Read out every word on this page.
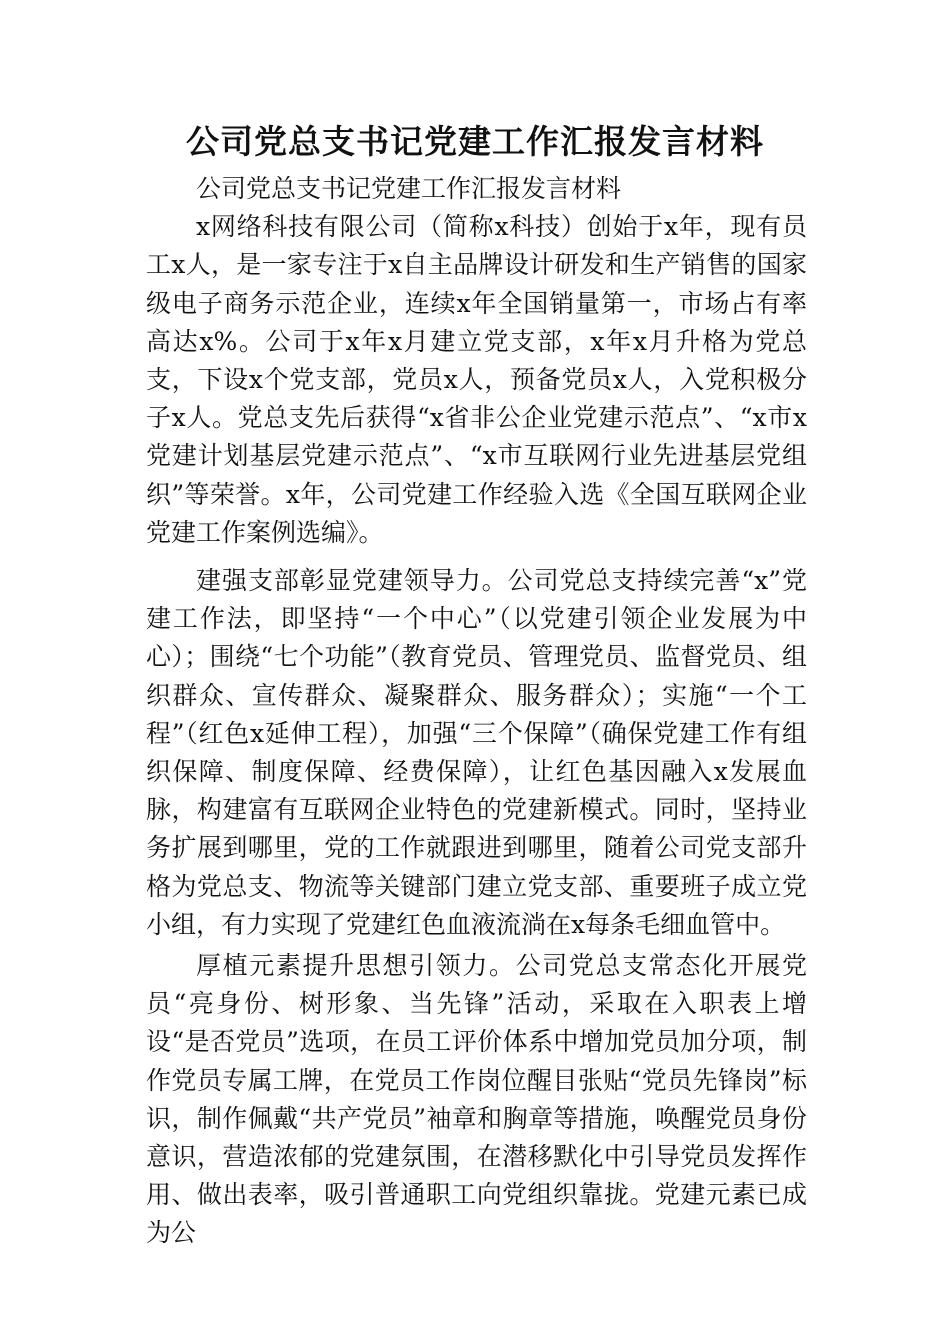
公司党总支书记党建工作汇报发言材料

公司党总支书记党建工作汇报发言材料

x网络科技有限公司（简称x科技）创始于x年，现有员工x人，是一家专注于x自主品牌设计研发和生产销售的国家级电子商务示范企业，连续x年全国销量第一，市场占有率高达x%。公司于x年x月建立党支部，x年x月升格为党总支，下设x个党支部，党员x人，预备党员x人，入党积极分子x人。党总支先后获得“x省非公企业党建示范点”、“x市x党建计划基层党建示范点”、“x市互联网行业先进基层党组织”等荣誉。x年，公司党建工作经验入选《全国互联网企业党建工作案例选编》。

建强支部彰显党建领导力。公司党总支持续完善“x”党建工作法，即坚持“一个中心”（以党建引领企业发展为中心）；围绕“七个功能”（教育党员、管理党员、监督党员、组织群众、宣传群众、凝聚群众、服务群众）；实施“一个工程”（红色x延伸工程），加强“三个保障”（确保党建工作有组织保障、制度保障、经费保障），让红色基因融入x发展血脉，构建富有互联网企业特色的党建新模式。同时，坚持业务扩展到哪里，党的工作就跟进到哪里，随着公司党支部升格为党总支、物流等关键部门建立党支部、重要班子成立党小组，有力实现了党建红色血液流淌在x每条毛细血管中。

厚植元素提升思想引领力。公司党总支常态化开展党员“亮身份、树形象、当先锋”活动，采取在入职表上增设“是否党员”选项，在员工评价体系中增加党员加分项，制作党员专属工牌，在党员工作岗位醒目张贴“党员先锋岗”标识，制作佩戴“共产党员”袖章和胸章等措施，唤醒党员身份意识，营造浓郁的党建氛围，在潜移默化中引导党员发挥作用、做出表率，吸引普通职工向党组织靠拢。党建元素已成为公
